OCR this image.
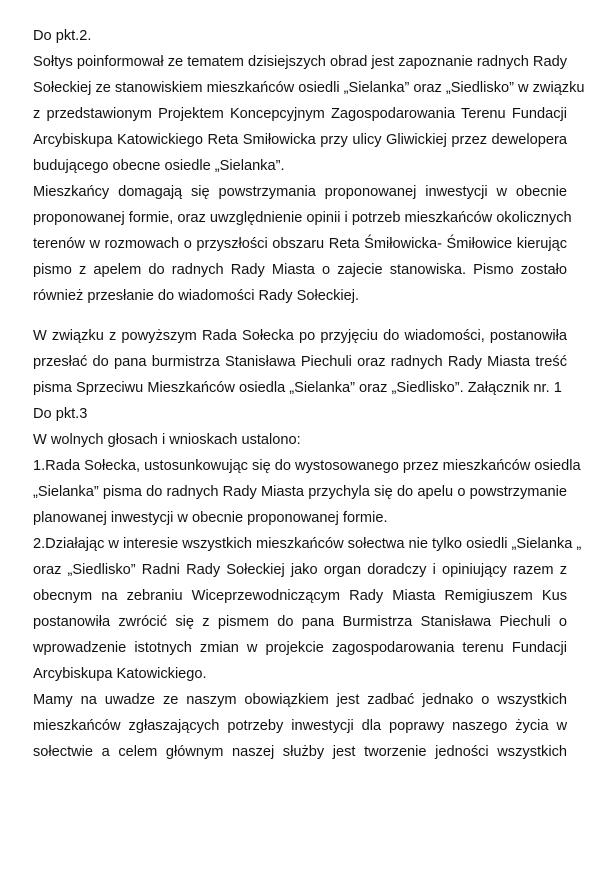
Do pkt.2.
Sołtys poinformował ze tematem dzisiejszych obrad jest zapoznanie radnych Rady
Sołeckiej ze stanowiskiem mieszkańców osiedli „Sielanka” oraz „Siedlisko” w związku
z przedstawionym Projektem Koncepcyjnym Zagospodarowania Terenu Fundacji
Arcybiskupa Katowickiego Reta Smiłowicka przy ulicy Gliwickiej przez dewelopera
budującego obecne osiedle „Sielanka”.
Mieszkańcy domagają się powstrzymania proponowanej inwestycji w obecnie
proponowanej formie, oraz uwzględnienie opinii i potrzeb mieszkańców okolicznych
terenów w rozmowach o przyszłości obszaru Reta Śmiłowicka- Śmiłowice kierując
pismo z apelem do radnych Rady Miasta o zajecie stanowiska. Pismo zostało
również przesłanie do wiadomości Rady Sołeckiej.
W związku z powyższym Rada Sołecka po przyjęciu do wiadomości, postanowiła
przesłać do pana burmistrza Stanisława Piechuli oraz radnych Rady Miasta treść
pisma Sprzeciwu Mieszkańców osiedla „Sielanka” oraz „Siedlisko”. Załącznik nr. 1
Do pkt.3
W wolnych głosach i wnioskach ustalono:
1.Rada Sołecka, ustosunkowując się do wystosowanego przez mieszkańców osiedla
„Sielanka” pisma do radnych Rady Miasta przychyla się do apelu o powstrzymanie
planowanej inwestycji w obecnie proponowanej formie.
2.Działając w interesie wszystkich mieszkańców sołectwa nie tylko osiedli „Sielanka „
oraz „Siedlisko” Radni Rady Sołeckiej jako organ doradczy i opiniujący razem z
obecnym na zebraniu Wiceprzewodniczącym Rady Miasta Remigiuszem Kus
postanowiła zwrócić się z pismem do pana Burmistrza Stanisława Piechuli o
wprowadzenie istotnych zmian w projekcie zagospodarowania terenu Fundacji
Arcybiskupa Katowickiego.
Mamy na uwadze ze naszym obowiązkiem jest zadbać jednako o wszystkich
mieszkańców zgłaszających potrzeby inwestycji dla poprawy naszego życia w
sołectwie a celem głównym naszej służby jest tworzenie jedności wszystkich
